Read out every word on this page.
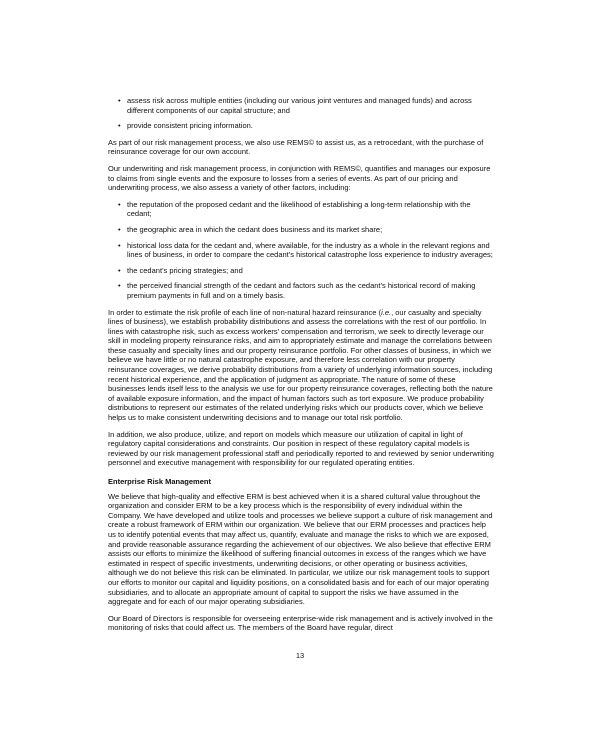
• assess risk across multiple entities (including our various joint ventures and managed funds) and across different components of our capital structure; and
• provide consistent pricing information.

As part of our risk management process, we also use REMS© to assist us, as a retrocedant, with the purchase of reinsurance coverage for our own account.

Our underwriting and risk management process, in conjunction with REMS©, quantifies and manages our exposure to claims from single events and the exposure to losses from a series of events. As part of our pricing and underwriting process, we also assess a variety of other factors, including:

• the reputation of the proposed cedant and the likelihood of establishing a long-term relationship with the cedant;
• the geographic area in which the cedant does business and its market share;
• historical loss data for the cedant and, where available, for the industry as a whole in the relevant regions and lines of business, in order to compare the cedant’s historical catastrophe loss experience to industry averages;
• the cedant’s pricing strategies; and
• the perceived financial strength of the cedant and factors such as the cedant’s historical record of making premium payments in full and on a timely basis.

In order to estimate the risk profile of each line of non-natural hazard reinsurance (i.e., our casualty and specialty lines of business), we establish probability distributions and assess the correlations with the rest of our portfolio. In lines with catastrophe risk, such as excess workers’ compensation and terrorism, we seek to directly leverage our skill in modeling property reinsurance risks, and aim to appropriately estimate and manage the correlations between these casualty and specialty lines and our property reinsurance portfolio. For other classes of business, in which we believe we have little or no natural catastrophe exposure, and therefore less correlation with our property reinsurance coverages, we derive probability distributions from a variety of underlying information sources, including recent historical experience, and the application of judgment as appropriate. The nature of some of these businesses lends itself less to the analysis we use for our property reinsurance coverages, reflecting both the nature of available exposure information, and the impact of human factors such as tort exposure. We produce probability distributions to represent our estimates of the related underlying risks which our products cover, which we believe helps us to make consistent underwriting decisions and to manage our total risk portfolio.

In addition, we also produce, utilize, and report on models which measure our utilization of capital in light of regulatory capital considerations and constraints. Our position in respect of these regulatory capital models is reviewed by our risk management professional staff and periodically reported to and reviewed by senior underwriting personnel and executive management with responsibility for our regulated operating entities.

Enterprise Risk Management

We believe that high-quality and effective ERM is best achieved when it is a shared cultural value throughout the organization and consider ERM to be a key process which is the responsibility of every individual within the Company. We have developed and utilize tools and processes we believe support a culture of risk management and create a robust framework of ERM within our organization. We believe that our ERM processes and practices help us to identify potential events that may affect us, quantify, evaluate and manage the risks to which we are exposed, and provide reasonable assurance regarding the achievement of our objectives. We also believe that effective ERM assists our efforts to minimize the likelihood of suffering financial outcomes in excess of the ranges which we have estimated in respect of specific investments, underwriting decisions, or other operating or business activities, although we do not believe this risk can be eliminated. In particular, we utilize our risk management tools to support our efforts to monitor our capital and liquidity positions, on a consolidated basis and for each of our major operating subsidiaries, and to allocate an appropriate amount of capital to support the risks we have assumed in the aggregate and for each of our major operating subsidiaries.

Our Board of Directors is responsible for overseeing enterprise-wide risk management and is actively involved in the monitoring of risks that could affect us. The members of the Board have regular, direct

13
